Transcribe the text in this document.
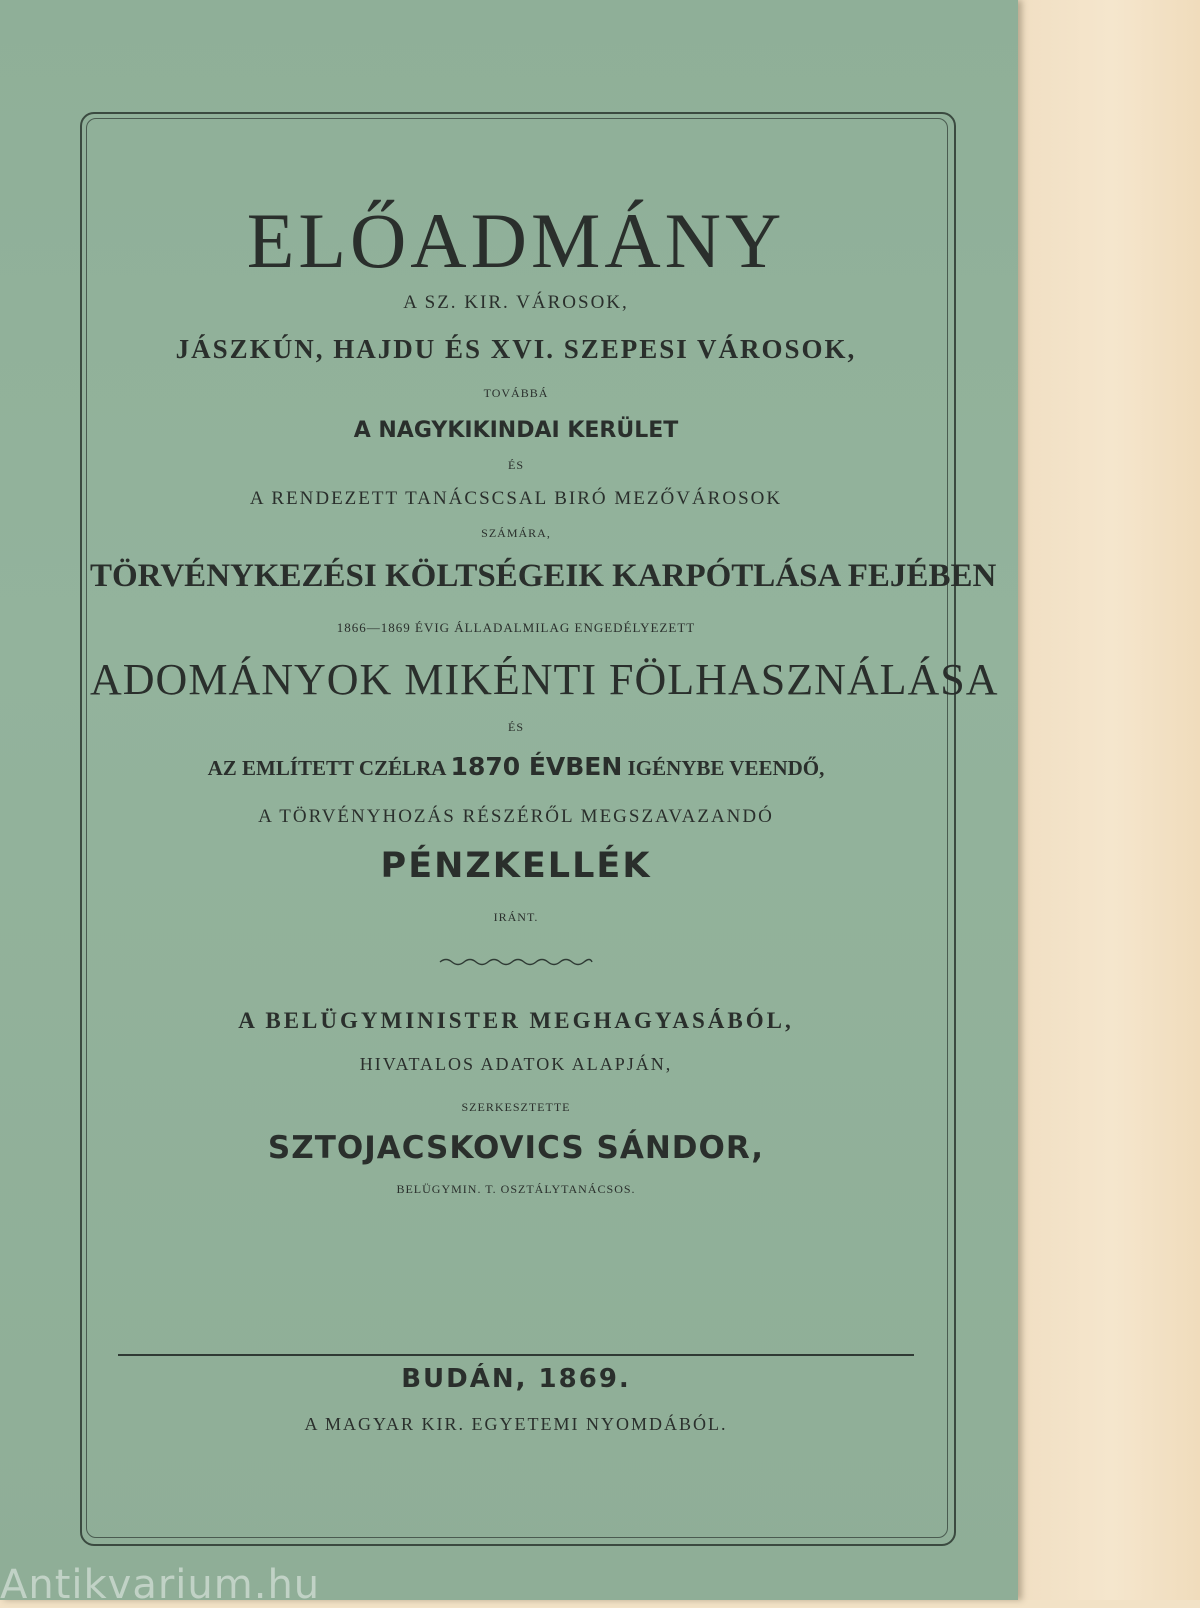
ELŐADMÁNY
A SZ. KIR. VÁROSOK,
JÁSZKÚN, HAJDU ÉS XVI. SZEPESI VÁROSOK,
TOVÁBBÁ
A NAGYKIKINDAI KERÜLET
ÉS
A RENDEZETT TANÁCSCSAL BIRÓ MEZŐVÁROSOK
SZÁMÁRA,
TÖRVÉNYKEZÉSI KÖLTSÉGEIK KARPÓTLÁSA FEJÉBEN
1866—1869 ÉVIG ÁLLADALMILAG ENGEDÉLYEZETT
ADOMÁNYOK MIKÉNTI FÖLHASZNÁLÁSA
ÉS
AZ EMLÍTETT CZÉLRA 1870 ÉVBEN IGÉNYBE VEENDŐ,
A TÖRVÉNYHOZÁS RÉSZÉRŐL MEGSZAVAZANDÓ
PÉNZKELLÉK
IRÁNT.
A BELÜGYMINISTER MEGHAGYASÁBÓL,
HIVATALOS ADATOK ALAPJÁN,
SZERKESZTETTE
SZTOJACSKOVICS SÁNDOR,
BELÜGYMIN. T. OSZTÁLYTANÁCSOS.
BUDÁN, 1869.
A MAGYAR KIR. EGYETEMI NYOMDÁBÓL.
Antikvarium.hu
